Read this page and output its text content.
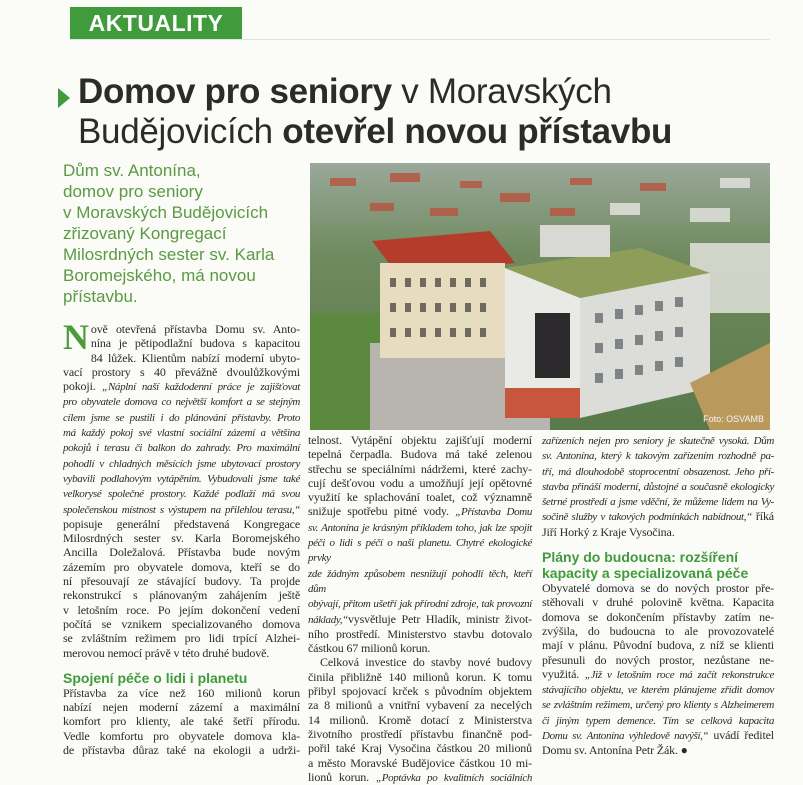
AKTUALITY
Domov pro seniory v Moravských
Budějovicích otevřel novou přístavbu
Dům sv. Antonína,
domov pro seniory
v Moravských Budějovicích
zřizovaný Kongregací
Milosrdných sester sv. Karla
Boromejského, má novou
přístavbu.
Foto: OSVAMB
N ově otevřená přístavba Domu sv. Anto-
nína je pětipodlažní budova s kapacitou
84 lůžek. Klientům nabízí moderní ubyto-
vací prostory s 40 převážně dvoulůžkovými
pokoji. „Náplní naší každodenní práce je zajišťovat
pro obyvatele domova co největší komfort a se stejným
cílem jsme se pustili i do plánování přístavby. Proto
má každý pokoj své vlastní sociální zázemí a většina
pokojů i terasu či balkon do zahrady. Pro maximální
pohodlí v chladných měsících jsme ubytovací prostory
vybavili podlahovým vytápěním. Vybudovali jsme také
velkorysé společné prostory. Každé podlaží má svou
společenskou místnost s výstupem na přilehlou terasu,“
popisuje generální představená Kongregace
Milosrdných sester sv. Karla Boromejského
Ancilla Doležalová. Přístavba bude novým
zázemím pro obyvatele domova, kteří se do
ní přesouvají ze stávající budovy. Ta projde
rekonstrukcí s plánovaným zahájením ještě
v letošním roce. Po jejím dokončení vedení
počítá se vznikem specializovaného domova
se zvláštním režimem pro lidi trpící Alzhei-
merovou nemocí právě v této druhé budově.
Spojení péče o lidi i planetu
Přístavba za více než 160 milionů korun
nabízí nejen moderní zázemí a maximální
komfort pro klienty, ale také šetří přírodu.
Vedle komfortu pro obyvatele domova kla-
de přístavba důraz také na ekologii a udrži-
telnost. Vytápění objektu zajišťují moderní
tepelná čerpadla. Budova má také zelenou
střechu se speciálními nádržemi, které zachy-
cují dešťovou vodu a umožňují její opětovné
využití ke splachování toalet, což významně
snižuje spotřebu pitné vody. „Přístavba Domu
sv. Antonína je krásným příkladem toho, jak lze spojit
péči o lidi s péčí o naši planetu. Chytré ekologické prvky
zde žádným způsobem nesnižují pohodlí těch, kteří dům
obývají, přitom ušetří jak přírodní zdroje, tak provozní
náklady,“vysvětluje Petr Hladík, ministr život-
ního prostředí. Ministerstvo stavbu dotovalo
částkou 67 milionů korun.
Celková investice do stavby nové budovy
činila přibližně 140 milionů korun. K tomu
přibyl spojovací krček s původním objektem
za 8 milionů a vnitřní vybavení za necelých
14 milionů. Kromě dotací z Ministerstva
životního prostředí přístavbu finančně pod-
pořil také Kraj Vysočina částkou 20 milionů
a město Moravské Budějovice částkou 10 mi-
lionů korun. „Poptávka po kvalitních sociálních
zařízeních nejen pro seniory je skutečně vysoká. Dům
sv. Antonína, který k takovým zařízením rozhodně pa-
tří, má dlouhodobě stoprocentní obsazenost. Jeho pří-
stavba přináší moderní, důstojné a současně ekologicky
šetrné prostředí a jsme vděční, že můžeme lidem na Vy-
sočině služby v takových podmínkách nabídnout,“ říká
Jiří Horký z Kraje Vysočina.
Plány do budoucna: rozšíření
kapacity a specializovaná péče
Obyvatelé domova se do nových prostor pře-
stěhovali v druhé polovině května. Kapacita
domova se dokončením přístavby zatím ne-
zvýšila, do budoucna to ale provozovatelé
mají v plánu. Původní budova, z níž se klienti
přesunuli do nových prostor, nezůstane ne-
využitá. „Již v letošním roce má začít rekonstrukce
stávajícího objektu, ve kterém plánujeme zřídit domov
se zvláštním režimem, určený pro klienty s Alzheimerem
či jiným typem demence. Tím se celková kapacita
Domu sv. Antonína výhledově navýší,“ uvádí ředitel
Domu sv. Antonína Petr Žák. ●
